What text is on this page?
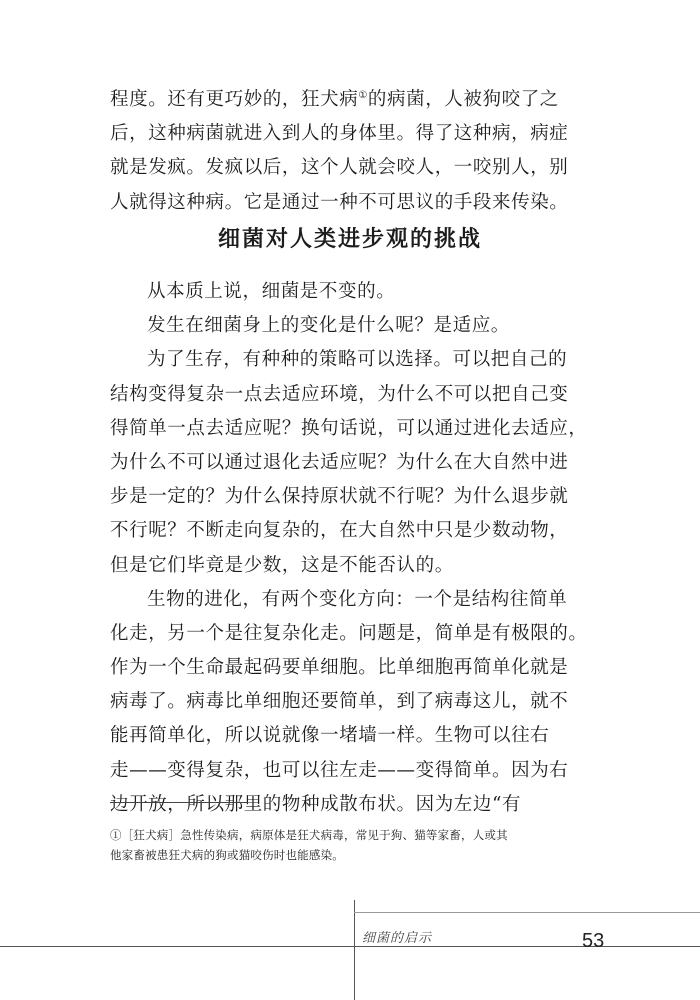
程度。还有更巧妙的，狂犬病①的病菌，人被狗咬了之
后，这种病菌就进入到人的身体里。得了这种病，病症
就是发疯。发疯以后，这个人就会咬人，一咬别人，别
人就得这种病。它是通过一种不可思议的手段来传染。
细菌对人类进步观的挑战
从本质上说，细菌是不变的。
发生在细菌身上的变化是什么呢？是适应。
为了生存，有种种的策略可以选择。可以把自己的
结构变得复杂一点去适应环境，为什么不可以把自己变
得简单一点去适应呢？换句话说，可以通过进化去适应，
为什么不可以通过退化去适应呢？为什么在大自然中进
步是一定的？为什么保持原状就不行呢？为什么退步就
不行呢？不断走向复杂的，在大自然中只是少数动物，
但是它们毕竟是少数，这是不能否认的。
生物的进化，有两个变化方向：一个是结构往简单
化走，另一个是往复杂化走。问题是，简单是有极限的。
作为一个生命最起码要单细胞。比单细胞再简单化就是
病毒了。病毒比单细胞还要简单，到了病毒这儿，就不
能再简单化，所以说就像一堵墙一样。生物可以往右
走——变得复杂，也可以往左走——变得简单。因为右
边开放，所以那里的物种成散布状。因为左边“有
①［狂犬病］急性传染病，病原体是狂犬病毒，常见于狗、猫等家畜，人或其
他家畜被患狂犬病的狗或猫咬伤时也能感染。
细菌的启示	53
